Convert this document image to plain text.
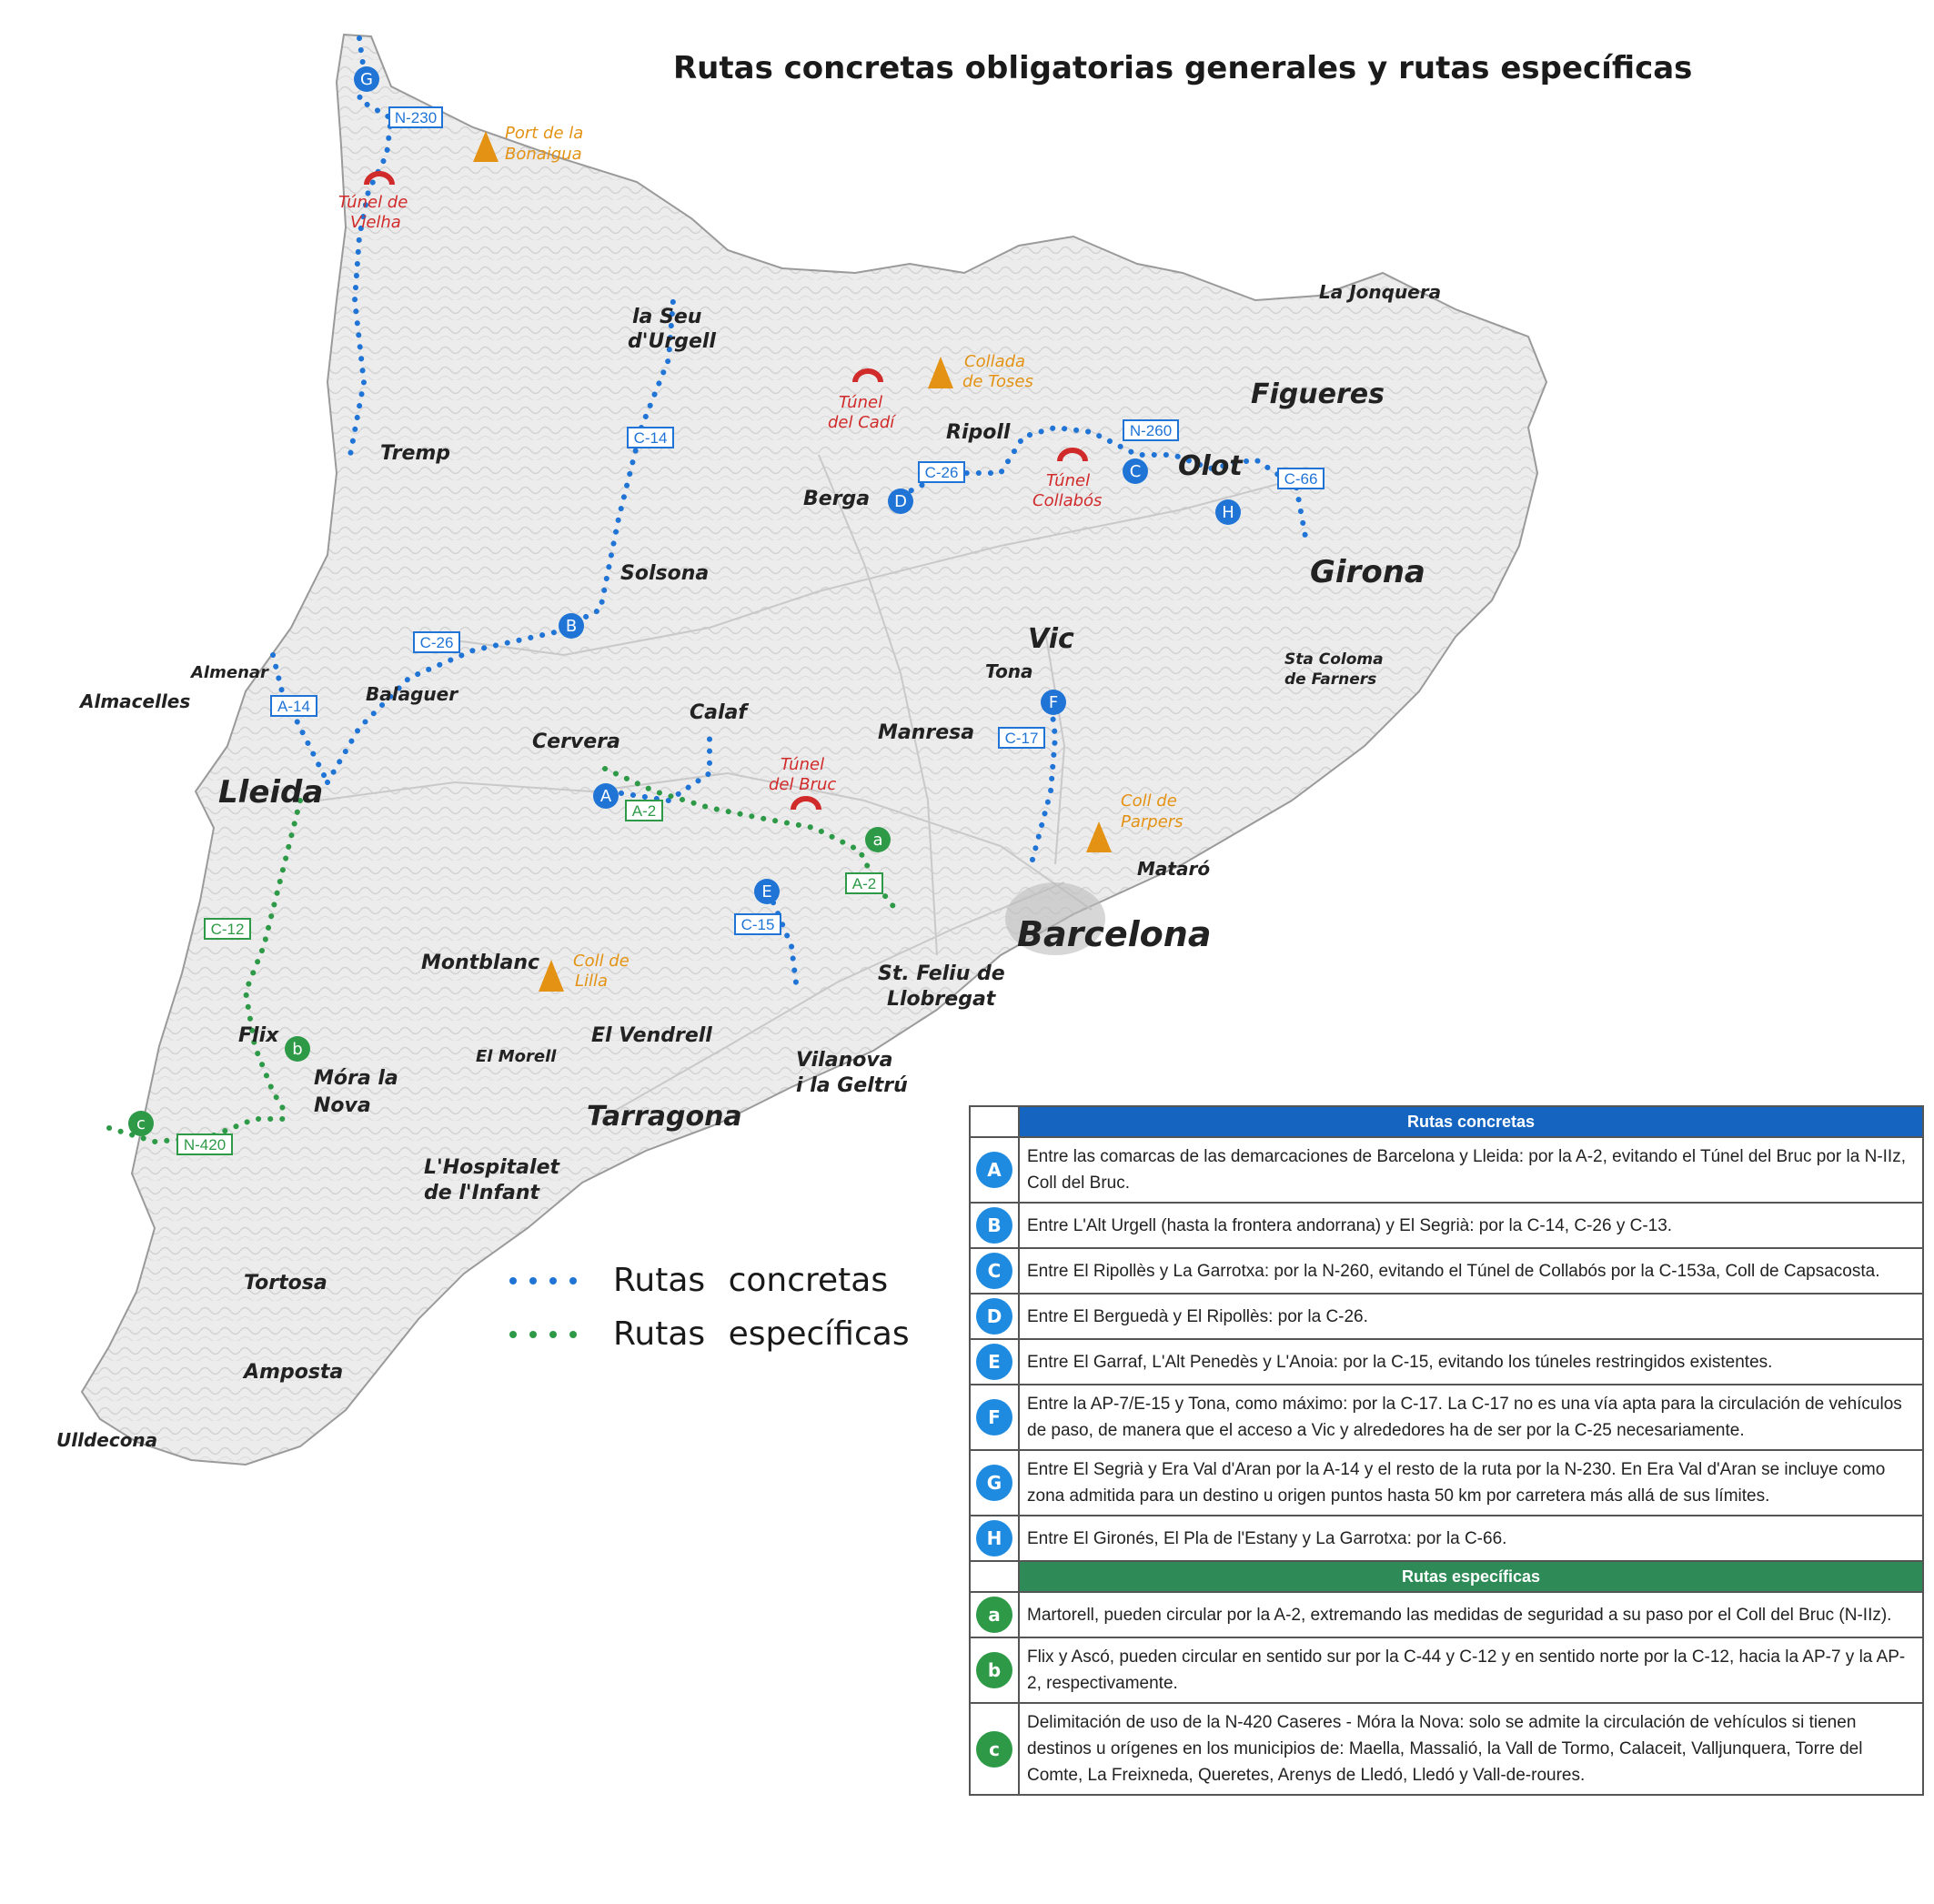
G
B
A
D
C
H
F
E
a
b
c
N-230
C-14
C-26
A-14
C-26
N-260
C-66
C-17
A-2
A-2
C-15
C-12
N-420
Lleida
Girona
Barcelona
Tarragona
Figueres
Olot
Vic
Tremp
Solsona
la Seu
d'Urgell
Berga
Ripoll
La Jonquera
Almenar
Almacelles	Balaguer
Cervera
Calaf
Manresa
Tona
Sta Coloma
de Farners
Mataró
St. Feliu de
Llobregat
Montblanc
Flix
Móra la
Nova
El Morell
El Vendrell
Vilanova
i la Geltrú
L'Hospitalet
de l'Infant
Tortosa
Amposta
Ulldecona
Túnel de
Vielha
Túnel
del Cadí
Túnel
Collabós
Túnel
del Bruc
Port de la
Bonaigua
Collada
de Toses
Coll de
Parpers
Coll de
Lilla
Rutas concretas obligatorias generales y rutas específicas
Rutas concretas
Rutas específicas
	Rutas concretas
A	Entre las comarcas de las demarcaciones de Barcelona y Lleida: por la A-2, evitando el Túnel del Bruc por la N-IIz, Coll del Bruc.
B	Entre L'Alt Urgell (hasta la frontera andorrana) y El Segrià: por la C-14, C-26 y C-13.
C	Entre El Ripollès y La Garrotxa: por la N-260, evitando el Túnel de Collabós por la C-153a, Coll de Capsacosta.
D	Entre El Berguedà y El Ripollès: por la C-26.
E	Entre El Garraf, L'Alt Penedès y L'Anoia: por la C-15, evitando los túneles restringidos existentes.
F	Entre la AP-7/E-15 y Tona, como máximo: por la C-17. La C-17 no es una vía apta para la circulación de vehículos de paso, de manera que el acceso a Vic y alrededores ha de ser por la C-25 necesariamente.
G	Entre El Segrià y Era Val d'Aran por la A-14 y el resto de la ruta por la N-230. En Era Val d'Aran se incluye como zona admitida para un destino u origen puntos hasta 50 km por carretera más allá de sus límites.
H	Entre El Gironés, El Pla de l'Estany y La Garrotxa: por la C-66.
	Rutas específicas
a	Martorell, pueden circular por la A-2, extremando las medidas de seguridad a su paso por el Coll del Bruc (N-IIz).
b	Flix y Ascó, pueden circular en sentido sur por la C-44 y C-12 y en sentido norte por la C-12, hacia la AP-7 y la AP-2, respectivamente.
c	Delimitación de uso de la N-420 Caseres - Móra la Nova: solo se admite la circulación de vehículos si tienen destinos u orígenes en los municipios de: Maella, Massalió, la Vall de Tormo, Calaceit, Valljunquera, Torre del Comte, La Freixneda, Queretes, Arenys de Lledó, Lledó y Vall-de-roures.
